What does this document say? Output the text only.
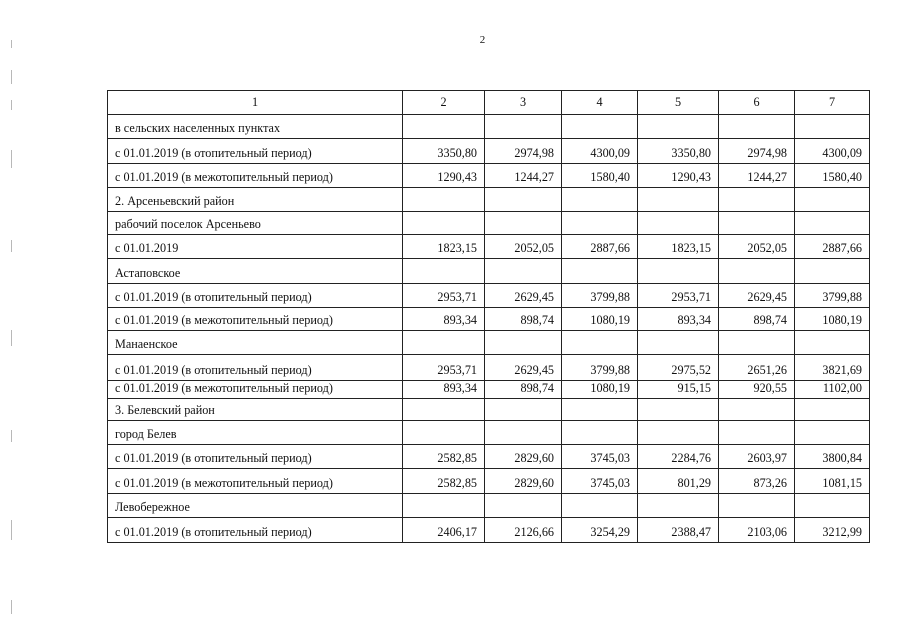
2
1	2	3	4	5	6	7
в сельских населенных пунктах						
с 01.01.2019 (в отопительный период)	3350,80	2974,98	4300,09	3350,80	2974,98	4300,09
с 01.01.2019 (в межотопительный период)	1290,43	1244,27	1580,40	1290,43	1244,27	1580,40
2. Арсеньевский район						
рабочий поселок Арсеньево						
с 01.01.2019	1823,15	2052,05	2887,66	1823,15	2052,05	2887,66
Астаповское						
с 01.01.2019 (в отопительный период)	2953,71	2629,45	3799,88	2953,71	2629,45	3799,88
с 01.01.2019 (в межотопительный период)	893,34	898,74	1080,19	893,34	898,74	1080,19
Манаенское						
с 01.01.2019 (в отопительный период)	2953,71	2629,45	3799,88	2975,52	2651,26	3821,69
с 01.01.2019 (в межотопительный период)	893,34	898,74	1080,19	915,15	920,55	1102,00
3. Белевский район						
город Белев						
с 01.01.2019 (в отопительный период)	2582,85	2829,60	3745,03	2284,76	2603,97	3800,84
с 01.01.2019 (в межотопительный период)	2582,85	2829,60	3745,03	801,29	873,26	1081,15
Левобережное						
с 01.01.2019 (в отопительный период)	2406,17	2126,66	3254,29	2388,47	2103,06	3212,99
